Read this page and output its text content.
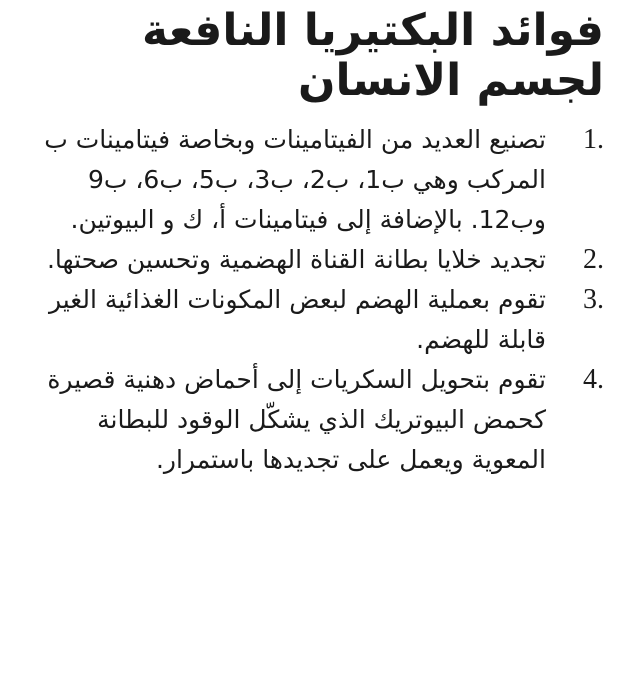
فوائد البكتيريا النافعة لجسم الانسان
1.
تصنيع العديد من الفيتامينات وبخاصة فيتامينات ب المركب وهي ب1، ب2، ب3، ب5، ب6، ب9 وب12. بالإضافة إلى فيتامينات أ، ك و البيوتين.
2.
تجديد خلايا بطانة القناة الهضمية وتحسين صحتها.
3.
تقوم بعملية الهضم لبعض المكونات الغذائية الغير قابلة للهضم.
4.
تقوم بتحويل السكريات إلى أحماض دهنية قصيرة كحمض البيوتريك الذي يشكّل الوقود للبطانة المعوية ويعمل على تجديدها باستمرار.
